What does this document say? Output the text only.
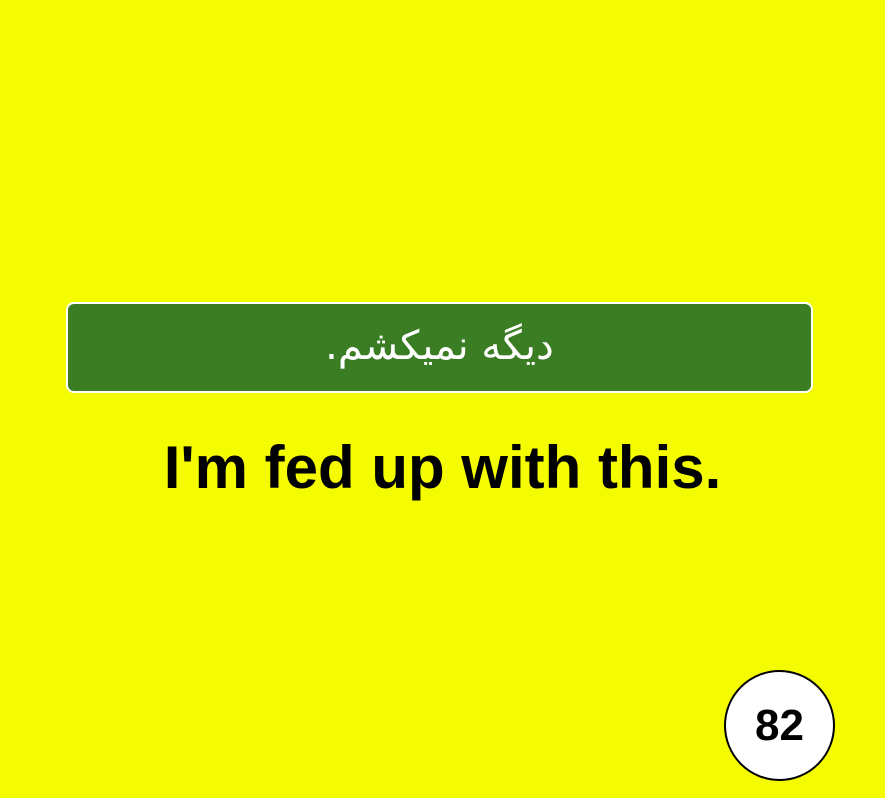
دیگه نمیکشم.
I'm fed up with this.
82
